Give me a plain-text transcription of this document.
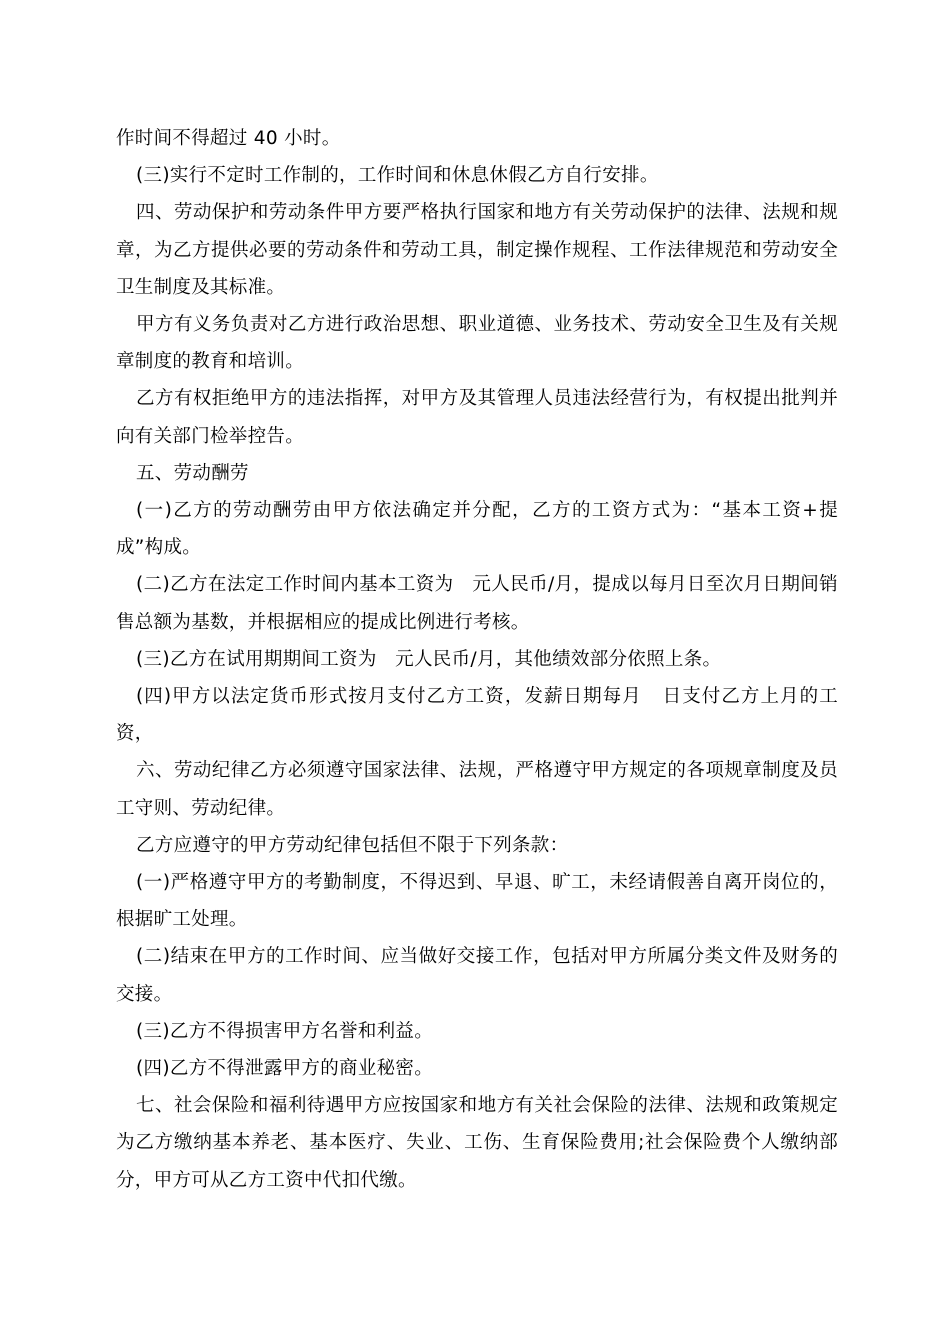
作时间不得超过 40 小时。

(三)实行不定时工作制的，工作时间和休息休假乙方自行安排。

四、劳动保护和劳动条件甲方要严格执行国家和地方有关劳动保护的法律、法规和规章，为乙方提供必要的劳动条件和劳动工具，制定操作规程、工作法律规范和劳动安全卫生制度及其标准。

甲方有义务负责对乙方进行政治思想、职业道德、业务技术、劳动安全卫生及有关规章制度的教育和培训。

乙方有权拒绝甲方的违法指挥，对甲方及其管理人员违法经营行为，有权提出批判并向有关部门检举控告。

五、劳动酬劳

(一)乙方的劳动酬劳由甲方依法确定并分配，乙方的工资方式为：“基本工资+提成”构成。

(二)乙方在法定工作时间内基本工资为   元人民币/月，提成以每月日至次月日期间销售总额为基数，并根据相应的提成比例进行考核。

(三)乙方在试用期期间工资为   元人民币/月，其他绩效部分依照上条。

(四)甲方以法定货币形式按月支付乙方工资，发薪日期每月   日支付乙方上月的工资，

六、劳动纪律乙方必须遵守国家法律、法规，严格遵守甲方规定的各项规章制度及员工守则、劳动纪律。

乙方应遵守的甲方劳动纪律包括但不限于下列条款：

(一)严格遵守甲方的考勤制度，不得迟到、早退、旷工，未经请假善自离开岗位的，根据旷工处理。

(二)结束在甲方的工作时间、应当做好交接工作，包括对甲方所属分类文件及财务的交接。

(三)乙方不得损害甲方名誉和利益。

(四)乙方不得泄露甲方的商业秘密。

七、社会保险和福利待遇甲方应按国家和地方有关社会保险的法律、法规和政策规定为乙方缴纳基本养老、基本医疗、失业、工伤、生育保险费用;社会保险费个人缴纳部分，甲方可从乙方工资中代扣代缴。
